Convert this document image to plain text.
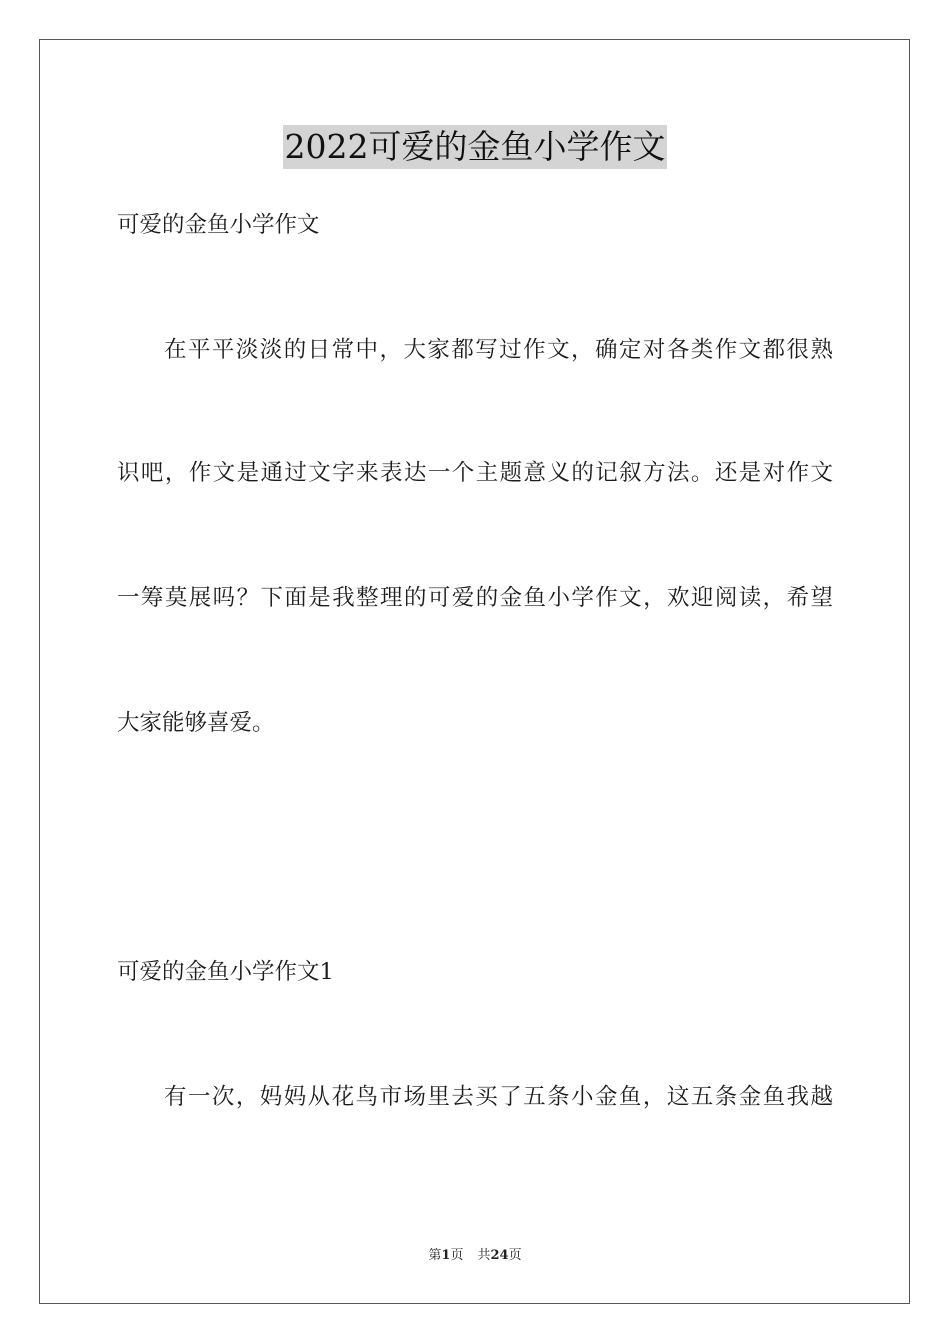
2022可爱的金鱼小学作文
可爱的金鱼小学作文
在平平淡淡的日常中，大家都写过作文，确定对各类作文都很熟
识吧，作文是通过文字来表达一个主题意义的记叙方法。还是对作文
一筹莫展吗？下面是我整理的可爱的金鱼小学作文，欢迎阅读，希望
大家能够喜爱。
可爱的金鱼小学作文1
有一次，妈妈从花鸟市场里去买了五条小金鱼，这五条金鱼我越
第1页 共24页
